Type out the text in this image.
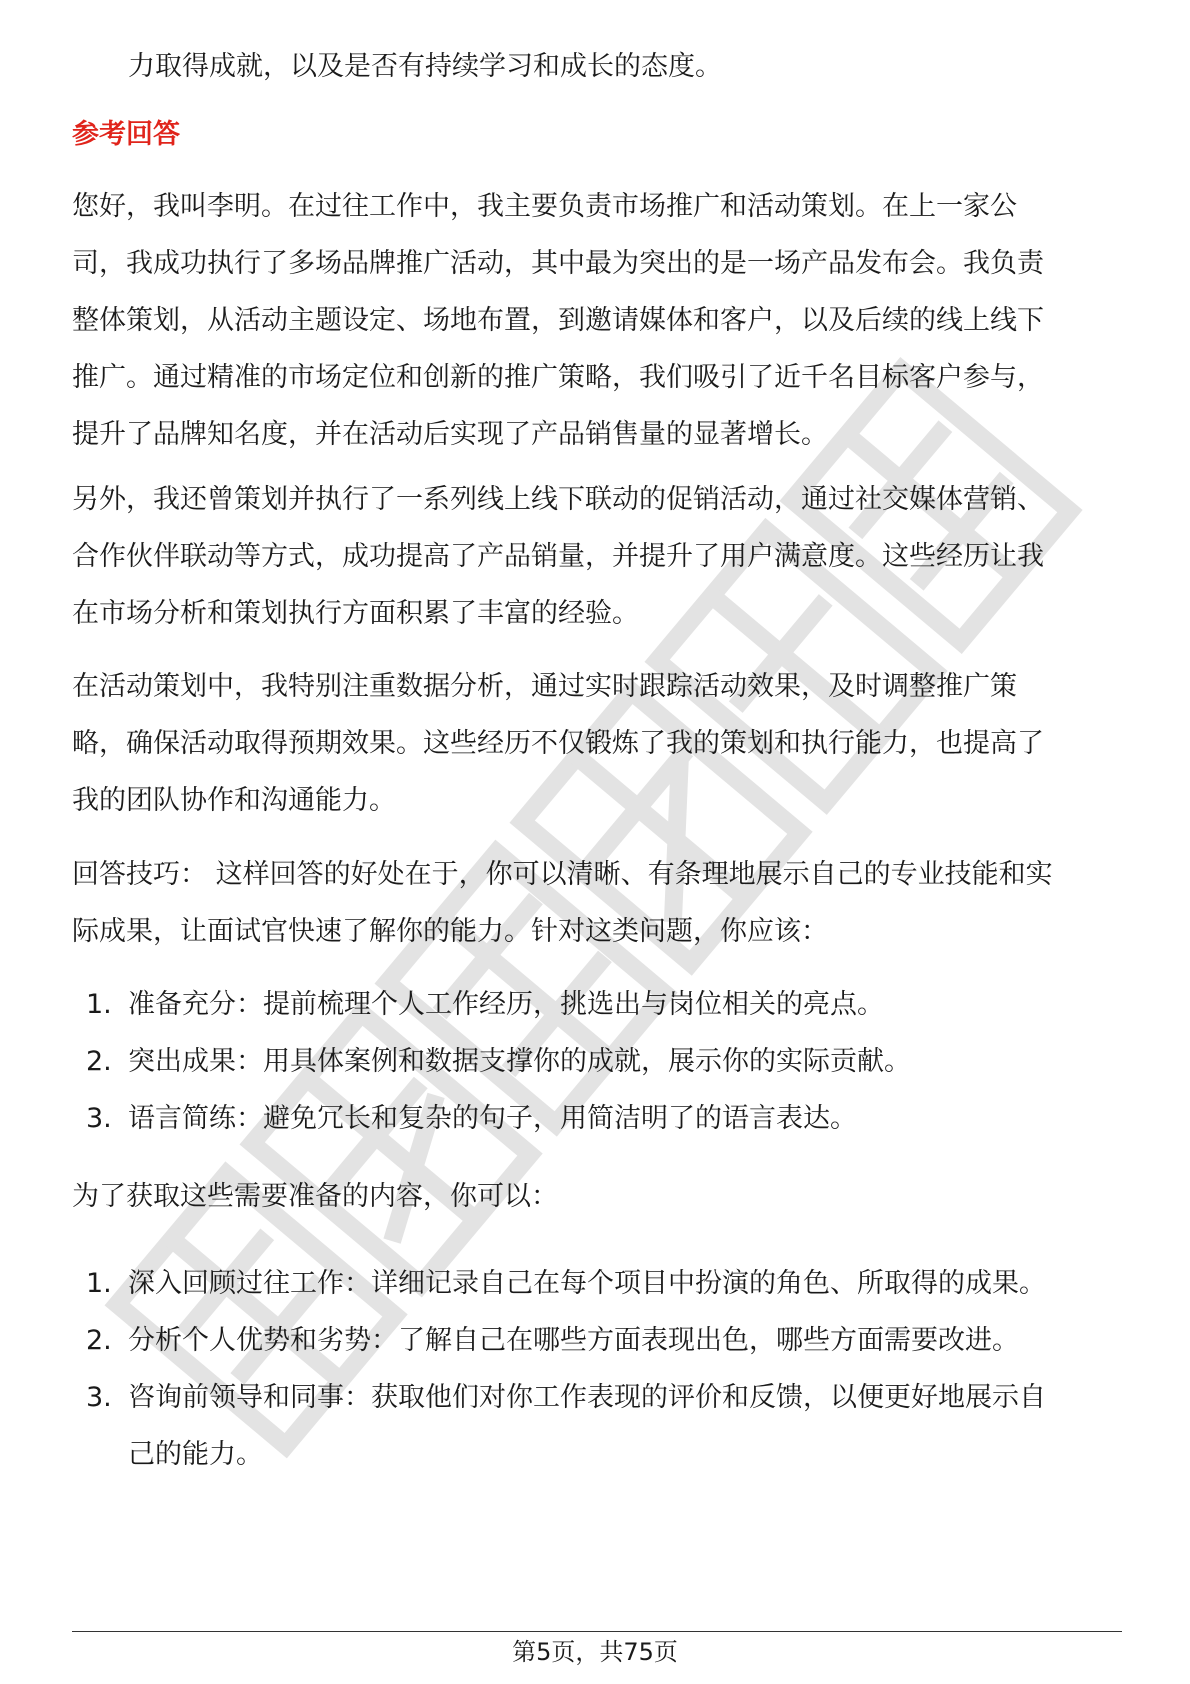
力取得成就，以及是否有持续学习和成长的态度。

参考回答

您好，我叫李明。在过往工作中，我主要负责市场推广和活动策划。在上一家公

司，我成功执行了多场品牌推广活动，其中最为突出的是一场产品发布会。我负责

整体策划，从活动主题设定、场地布置，到邀请媒体和客户，以及后续的线上线下

推广。通过精准的市场定位和创新的推广策略，我们吸引了近千名目标客户参与，

提升了品牌知名度，并在活动后实现了产品销售量的显著增长。

另外，我还曾策划并执行了一系列线上线下联动的促销活动，通过社交媒体营销、

合作伙伴联动等方式，成功提高了产品销量，并提升了用户满意度。这些经历让我

在市场分析和策划执行方面积累了丰富的经验。

在活动策划中，我特别注重数据分析，通过实时跟踪活动效果，及时调整推广策

略，确保活动取得预期效果。这些经历不仅锻炼了我的策划和执行能力，也提高了

我的团队协作和沟通能力。

回答技巧： 这样回答的好处在于，你可以清晰、有条理地展示自己的专业技能和实

际成果，让面试官快速了解你的能力。针对这类问题，你应该：

1. 准备充分：提前梳理个人工作经历，挑选出与岗位相关的亮点。
2. 突出成果：用具体案例和数据支撑你的成就，展示你的实际贡献。
3. 语言简练：避免冗长和复杂的句子，用简洁明了的语言表达。

为了获取这些需要准备的内容，你可以：

1. 深入回顾过往工作：详细记录自己在每个项目中扮演的角色、所取得的成果。
2. 分析个人优势和劣势：了解自己在哪些方面表现出色，哪些方面需要改进。
3. 咨询前领导和同事：获取他们对你工作表现的评价和反馈，以便更好地展示自
己的能力。
第5页，共75页
